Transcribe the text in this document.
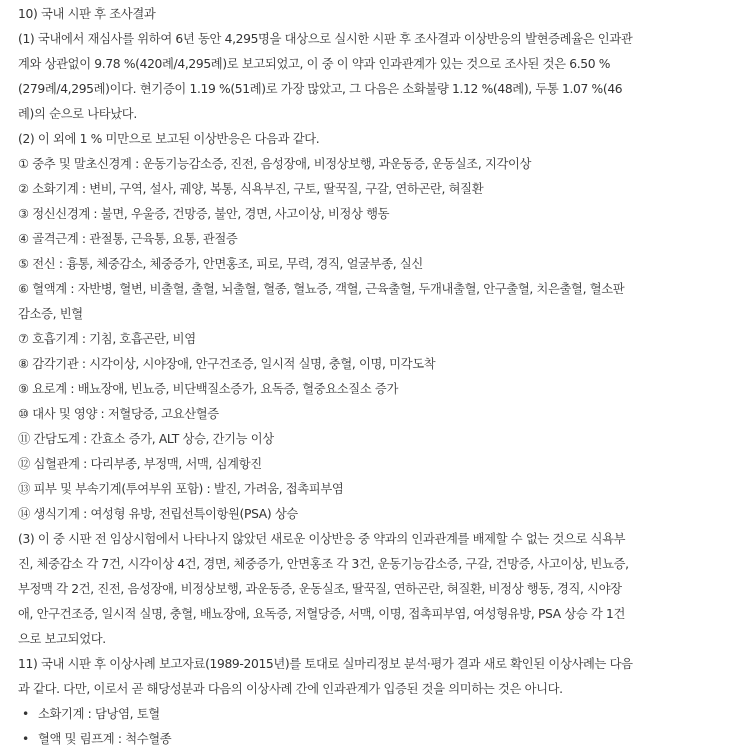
10) 국내 시판 후 조사결과
(1) 국내에서 재심사를 위하여 6년 동안 4,295명을 대상으로 실시한 시판 후 조사결과 이상반응의 발현증례율은 인과관
계와 상관없이 9.78 %(420례/4,295례)로 보고되었고, 이 중 이 약과 인과관계가 있는 것으로 조사된 것은 6.50 %
(279례/4,295례)이다. 현기증이 1.19 %(51례)로 가장 많았고, 그 다음은 소화불량 1.12 %(48례), 두통 1.07 %(46
례)의 순으로 나타났다.
(2) 이 외에 1 % 미만으로 보고된 이상반응은 다음과 같다.
① 중추 및 말초신경계 : 운동기능감소증, 진전, 음성장애, 비정상보행, 과운동증, 운동실조, 지각이상
② 소화기계 : 변비, 구역, 설사, 궤양, 복통, 식욕부진, 구토, 딸꾹질, 구갈, 연하곤란, 혀질환
③ 정신신경계 : 불면, 우울증, 건망증, 불안, 경면, 사고이상, 비정상 행동
④ 골격근계 : 관절통, 근육통, 요통, 관절증
⑤ 전신 : 흉통, 체중감소, 체중증가, 안면홍조, 피로, 무력, 경직, 얼굴부종, 실신
⑥ 혈액계 : 자반병, 혈변, 비출혈, 출혈, 뇌출혈, 혈종, 혈뇨증, 객혈, 근육출혈, 두개내출혈, 안구출혈, 치은출혈, 혈소판
감소증, 빈혈
⑦ 호흡기계 : 기침, 호흡곤란, 비염
⑧ 감각기관 : 시각이상, 시야장애, 안구건조증, 일시적 실명, 충혈, 이명, 미각도착
⑨ 요로계 : 배뇨장애, 빈뇨증, 비단백질소증가, 요독증, 혈중요소질소 증가
⑩ 대사 및 영양 : 저혈당증, 고요산혈증
⑪ 간담도계 : 간효소 증가, ALT 상승, 간기능 이상
⑫ 심혈관계 : 다리부종, 부정맥, 서맥, 심계항진
⑬ 피부 및 부속기계(투여부위 포함) : 발진, 가려움, 접촉피부염
⑭ 생식기계 : 여성형 유방, 전립선특이항원(PSA) 상승
(3) 이 중 시판 전 임상시험에서 나타나지 않았던 새로운 이상반응 중 약과의 인과관계를 배제할 수 없는 것으로 식욕부
진, 체중감소 각 7건, 시각이상 4건, 경면, 체중증가, 안면홍조 각 3건, 운동기능감소증, 구갈, 건망증, 사고이상, 빈뇨증,
부정맥 각 2건, 진전, 음성장애, 비정상보행, 과운동증, 운동실조, 딸꾹질, 연하곤란, 혀질환, 비정상 행동, 경직, 시야장
애, 안구건조증, 일시적 실명, 충혈, 배뇨장애, 요독증, 저혈당증, 서맥, 이명, 접촉피부염, 여성형유방, PSA 상승 각 1건
으로 보고되었다.
11) 국내 시판 후 이상사례 보고자료(1989-2015년)를 토대로 실마리정보 분석·평가 결과 새로 확인된 이상사례는 다음
과 같다. 다만, 이로서 곧 해당성분과 다음의 이상사례 간에 인과관계가 입증된 것을 의미하는 것은 아니다.
• 소화기계 : 담낭염, 토혈
• 혈액 및 림프계 : 척수혈종
